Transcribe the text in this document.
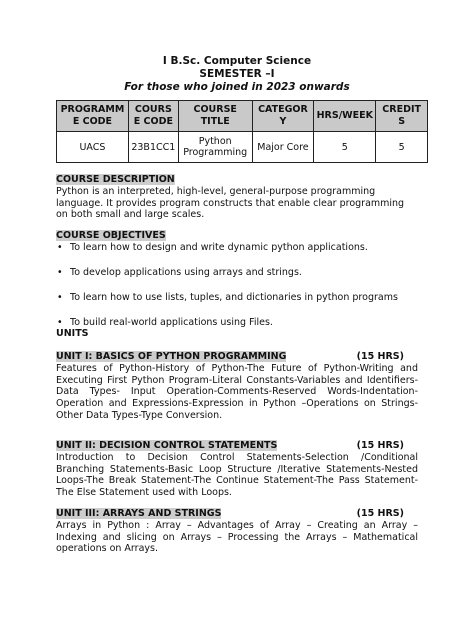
I B.Sc. Computer Science
SEMESTER –I
For those who joined in 2023 onwards
PROGRAMM E CODE	COURS E CODE	COURSE TITLE	CATEGOR Y	HRS/WEEK	CREDIT S
UACS	23B1CC1	Python Programming	Major Core	5	5
COURSE DESCRIPTION
Python is an interpreted, high-level, general-purpose programming language. It provides program constructs that enable clear programming on both small and large scales.
COURSE OBJECTIVES
• To learn how to design and write dynamic python applications.
• To develop applications using arrays and strings.
• To learn how to use lists, tuples, and dictionaries in python programs
• To build real-world applications using Files.
UNITS
UNIT I: BASICS OF PYTHON PROGRAMMING	(15 HRS)
Features of Python-History of Python-The Future of Python-Writing and Executing First Python Program-Literal Constants-Variables and Identifiers-Data Types- Input Operation-Comments-Reserved Words-Indentation-Operation and Expressions-Expression in Python –Operations on Strings-Other Data Types-Type Conversion.
UNIT II: DECISION CONTROL STATEMENTS	(15 HRS)
Introduction to Decision Control Statements-Selection /Conditional Branching Statements-Basic Loop Structure /Iterative Statements-Nested Loops-The Break Statement-The Continue Statement-The Pass Statement-The Else Statement used with Loops.
UNIT III: ARRAYS AND STRINGS	(15 HRS)
Arrays in Python : Array – Advantages of Array – Creating an Array – Indexing and slicing on Arrays – Processing the Arrays – Mathematical operations on Arrays.
